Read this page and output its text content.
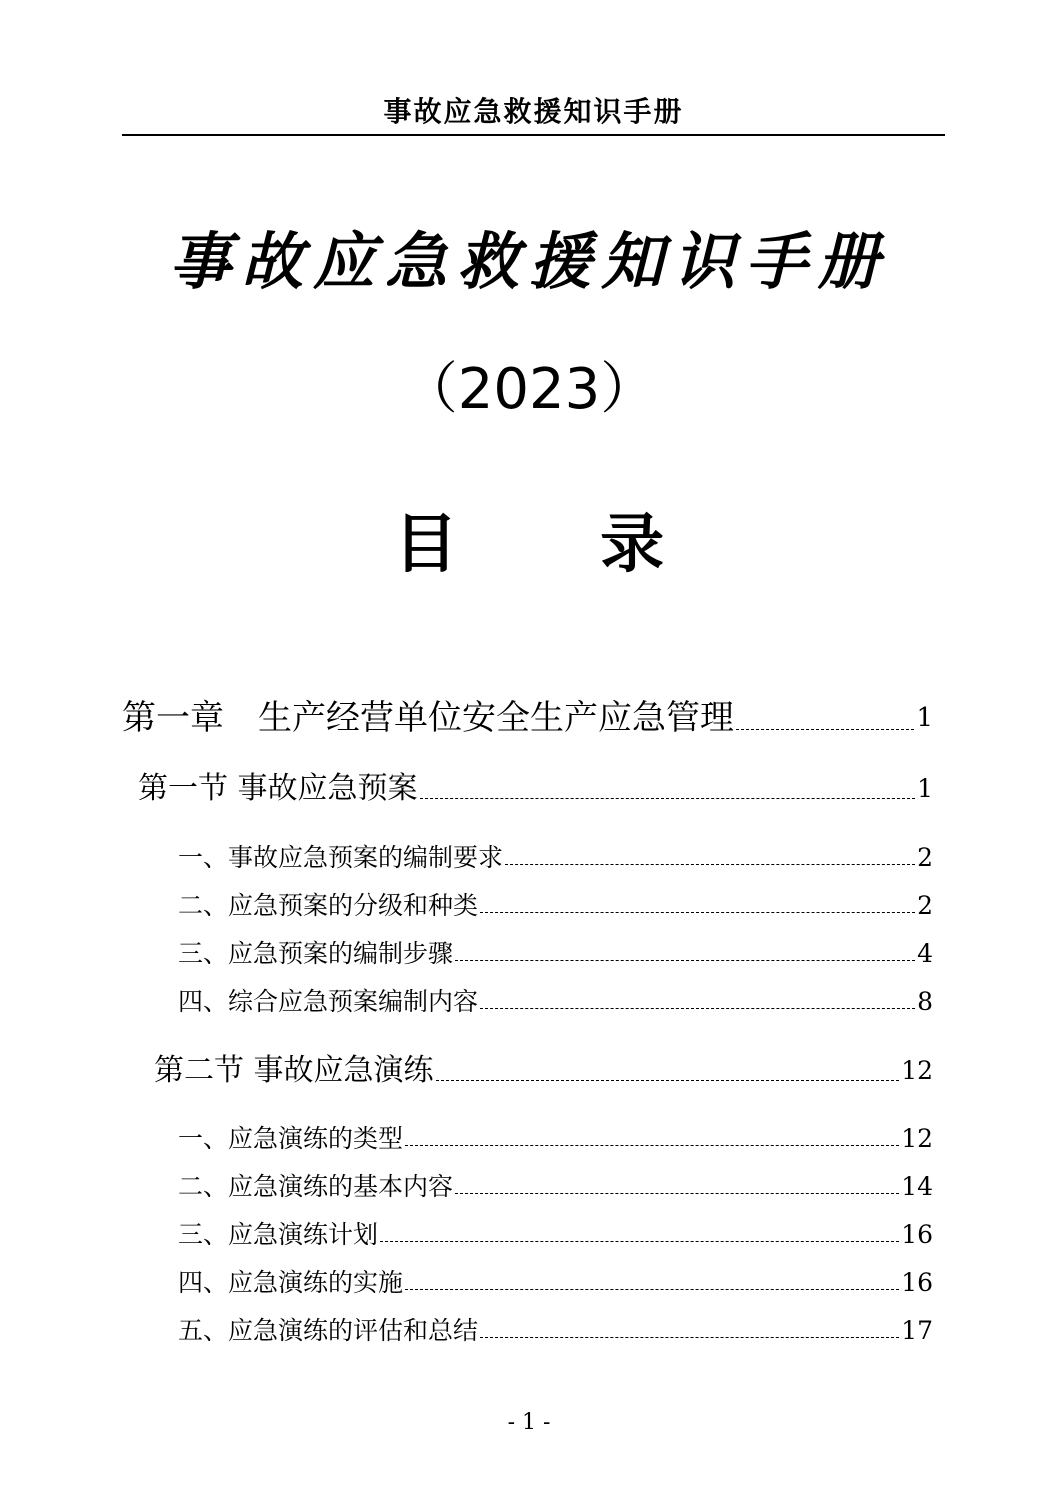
事故应急救援知识手册
事故应急救援知识手册
（2023）
目 录
第一章　生产经营单位安全生产应急管理	1
第一节 事故应急预案	1
一、事故应急预案的编制要求	2
二、应急预案的分级和种类	2
三、应急预案的编制步骤	4
四、综合应急预案编制内容	8
第二节 事故应急演练	12
一、应急演练的类型	12
二、应急演练的基本内容	14
三、应急演练计划	16
四、应急演练的实施	16
五、应急演练的评估和总结	17
- 1 -
